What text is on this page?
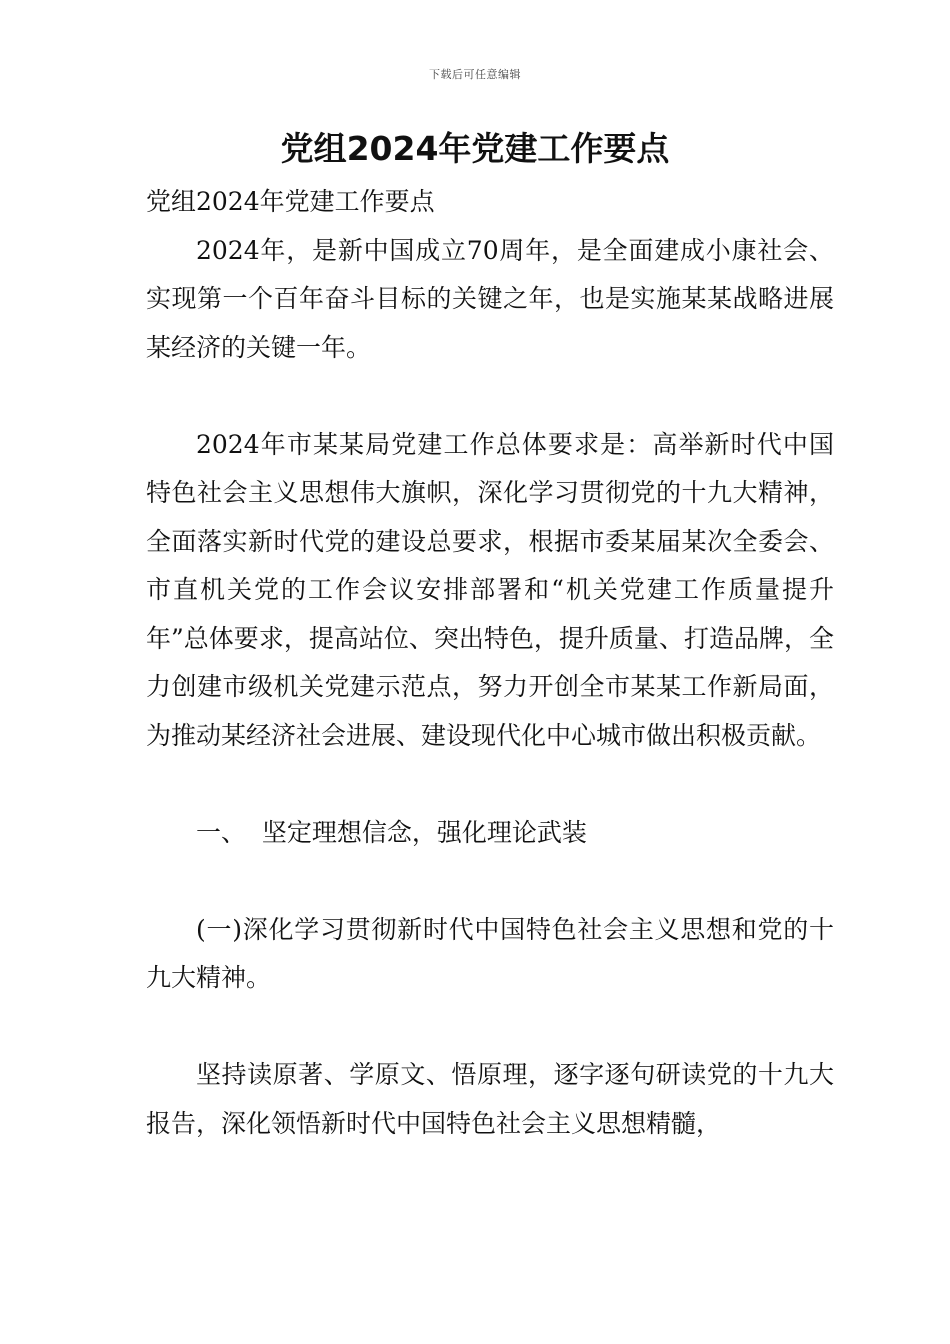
下载后可任意编辑
党组2024年党建工作要点

党组2024年党建工作要点

2024年，是新中国成立70周年，是全面建成小康社会、实现第一个百年奋斗目标的关键之年，也是实施某某战略进展某经济的关键一年。

2024年市某某局党建工作总体要求是：高举新时代中国特色社会主义思想伟大旗帜，深化学习贯彻党的十九大精神，全面落实新时代党的建设总要求，根据市委某届某次全委会、市直机关党的工作会议安排部署和“机关党建工作质量提升年”总体要求，提高站位、突出特色，提升质量、打造品牌，全力创建市级机关党建示范点，努力开创全市某某工作新局面，为推动某经济社会进展、建设现代化中心城市做出积极贡献。

一、  坚定理想信念，强化理论武装

(一)深化学习贯彻新时代中国特色社会主义思想和党的十九大精神。

坚持读原著、学原文、悟原理，逐字逐句研读党的十九大报告，深化领悟新时代中国特色社会主义思想精髓，
